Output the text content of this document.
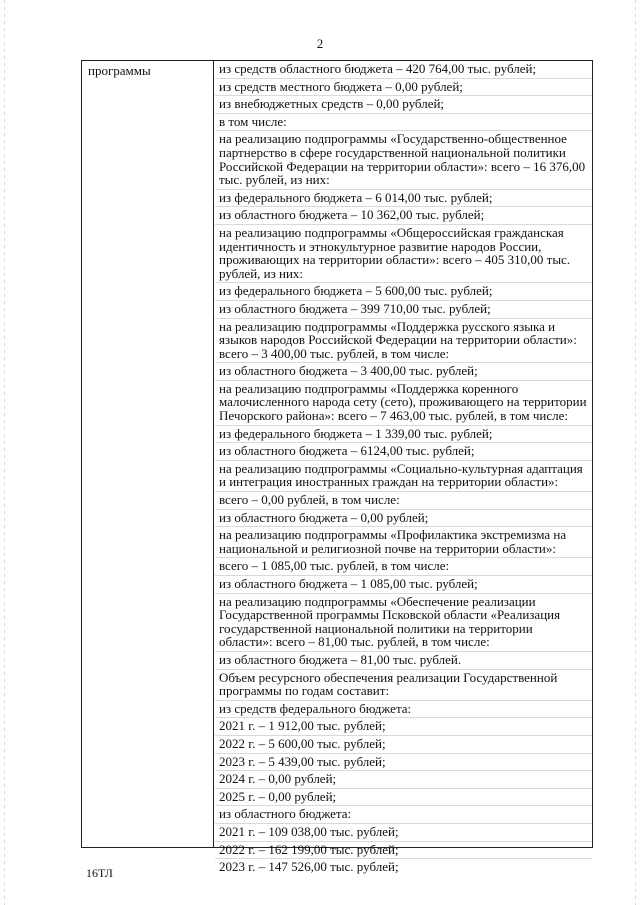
2
программы	из средств областного бюджета – 420 764,00 тыс. рублей;
из средств местного бюджета – 0,00 рублей;
из внебюджетных средств – 0,00 рублей;
в том числе:
на реализацию подпрограммы «Государственно-общественное партнерство в сфере государственной национальной политики Российской Федерации на территории области»: всего – 16 376,00 тыс. рублей, из них:
из федерального бюджета – 6 014,00 тыс. рублей;
из областного бюджета – 10 362,00 тыс. рублей;
на реализацию подпрограммы «Общероссийская гражданская идентичность и этнокультурное развитие народов России, проживающих на территории области»: всего – 405 310,00 тыс. рублей, из них:
из федерального бюджета – 5 600,00 тыс. рублей;
из областного бюджета – 399 710,00 тыс. рублей;
на реализацию подпрограммы «Поддержка русского языка и языков народов Российской Федерации на территории области»: всего – 3 400,00 тыс. рублей, в том числе:
из областного бюджета – 3 400,00 тыс. рублей;
на реализацию подпрограммы «Поддержка коренного малочисленного народа сету (сето), проживающего на территории Печорского района»: всего – 7 463,00 тыс. рублей, в том числе:
из федерального бюджета – 1 339,00 тыс. рублей;
из областного бюджета – 6124,00 тыс. рублей;
на реализацию подпрограммы «Социально-культурная адаптация и интеграция иностранных граждан на территории области»:
всего – 0,00 рублей, в том числе:
из областного бюджета – 0,00 рублей;
на реализацию подпрограммы «Профилактика экстремизма на национальной и религиозной почве на территории области»:
всего – 1 085,00 тыс. рублей, в том числе:
из областного бюджета – 1 085,00 тыс. рублей;
на реализацию подпрограммы «Обеспечение реализации Государственной программы Псковской области «Реализация государственной национальной политики на территории области»: всего – 81,00 тыс. рублей, в том числе:
из областного бюджета – 81,00 тыс. рублей.
Объем ресурсного обеспечения реализации Государственной программы по годам составит:
из средств федерального бюджета:
2021 г. – 1 912,00 тыс. рублей;
2022 г. – 5 600,00 тыс. рублей;
2023 г. – 5 439,00 тыс. рублей;
2024 г. – 0,00 рублей;
2025 г. – 0,00 рублей;
из областного бюджета:
2021 г. – 109 038,00 тыс. рублей;
2022 г. – 162 199,00 тыс. рублей;
2023 г. – 147 526,00 тыс. рублей;
16ТЛ
